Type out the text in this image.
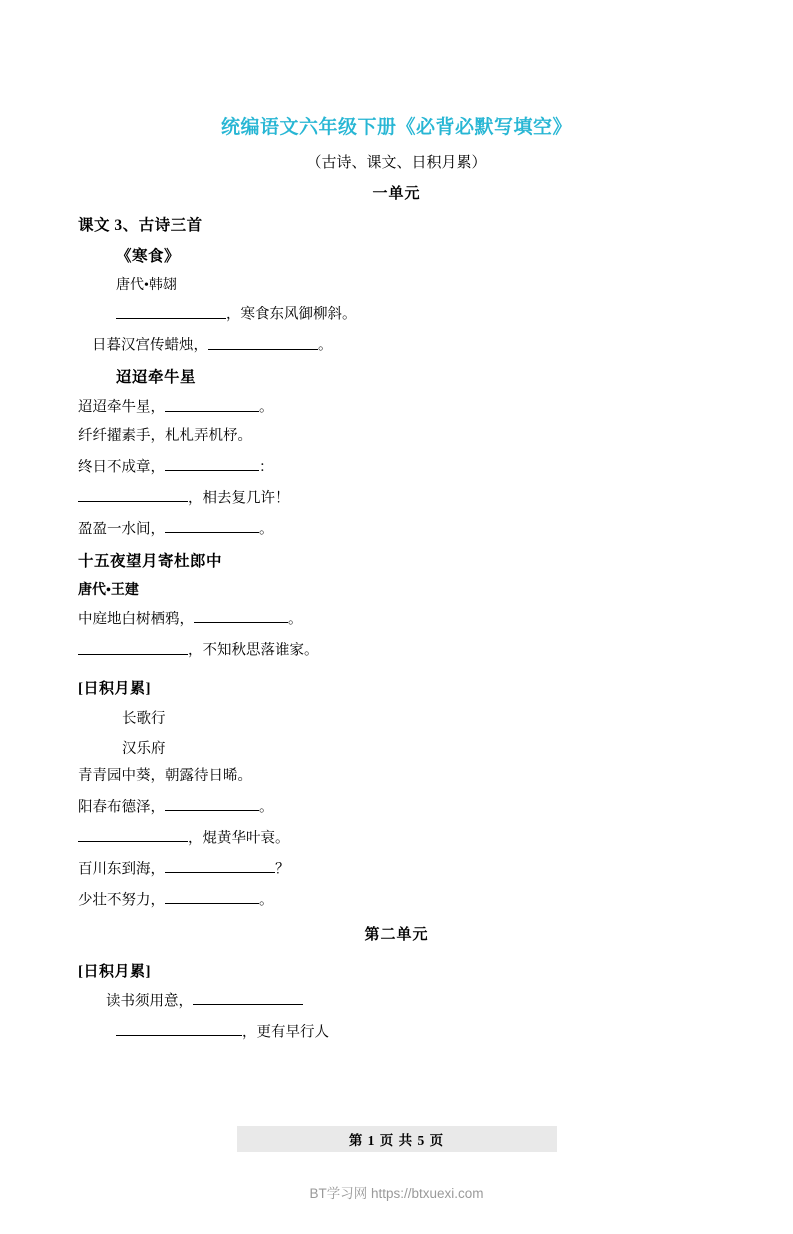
统编语文六年级下册《必背必默写填空》
（古诗、课文、日积月累）
一单元
课文 3、古诗三首
《寒食》
唐代•韩翃
，寒食东风御柳斜。
日暮汉宫传蜡烛，	。
迢迢牵牛星
迢迢牵牛星，	。
纤纤擢素手，札札弄机杼。
终日不成章，	：
，相去复几许！
盈盈一水间，	。
十五夜望月寄杜郎中
唐代•王建
中庭地白树栖鸦，	。
，不知秋思落谁家。
[日积月累]
长歌行
汉乐府
青青园中葵，朝露待日晞。
阳春布德泽，	。
，焜黄华叶衰。
百川东到海，	？
少壮不努力，	。
第二单元
[日积月累]
读书须用意，
，更有早行人
第 1 页 共 5 页
BT学习网 https://btxuexi.com
